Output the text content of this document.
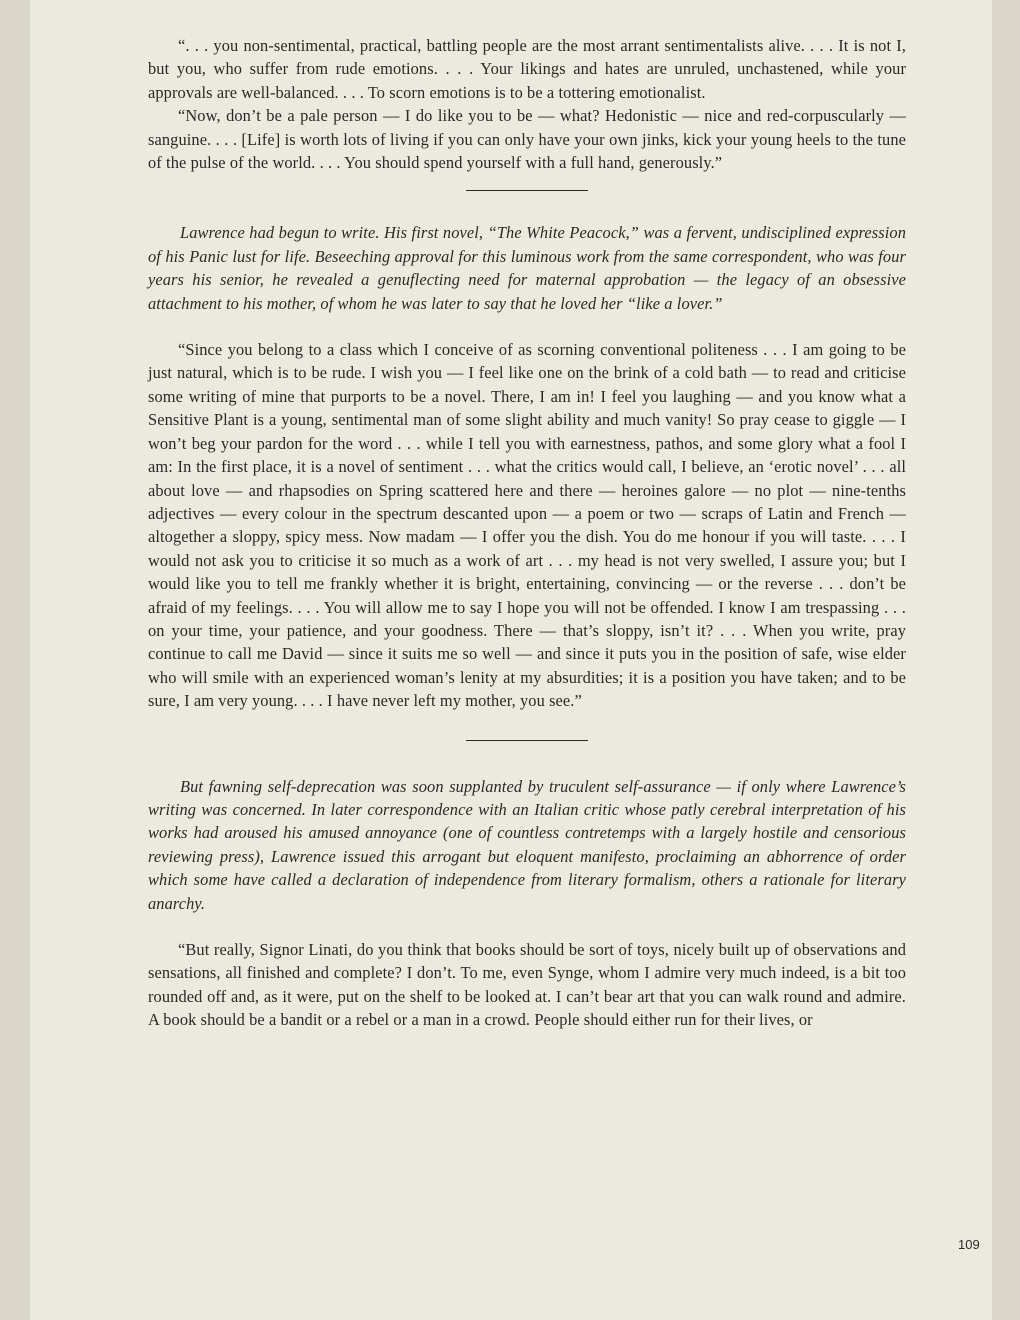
“. . . you non-sentimental, practical, battling people are the most arrant sentimentalists alive. . . . It is not I, but you, who suffer from rude emotions. . . . Your likings and hates are unruled, unchastened, while your approvals are well-balanced. . . . To scorn emotions is to be a tottering emotionalist.

“Now, don’t be a pale person — I do like you to be — what? Hedonistic — nice and red-corpuscularly — sanguine. . . . [Life] is worth lots of living if you can only have your own jinks, kick your young heels to the tune of the pulse of the world. . . . You should spend yourself with a full hand, generously.”

Lawrence had begun to write. His first novel, “The White Peacock,” was a fervent, undisciplined expression of his Panic lust for life. Beseeching approval for this luminous work from the same correspondent, who was four years his senior, he revealed a genuflecting need for maternal approbation — the legacy of an obsessive attachment to his mother, of whom he was later to say that he loved her “like a lover.”

“Since you belong to a class which I conceive of as scorning conventional politeness . . . I am going to be just natural, which is to be rude. I wish you — I feel like one on the brink of a cold bath — to read and criticise some writing of mine that purports to be a novel. There, I am in! I feel you laughing — and you know what a Sensitive Plant is a young, sentimental man of some slight ability and much vanity! So pray cease to giggle — I won’t beg your pardon for the word . . . while I tell you with earnestness, pathos, and some glory what a fool I am: In the first place, it is a novel of sentiment . . . what the critics would call, I believe, an ‘erotic novel’ . . . all about love — and rhapsodies on Spring scattered here and there — heroines galore — no plot — nine-tenths adjectives — every colour in the spectrum descanted upon — a poem or two — scraps of Latin and French — altogether a sloppy, spicy mess. Now madam — I offer you the dish. You do me honour if you will taste. . . . I would not ask you to criticise it so much as a work of art . . . my head is not very swelled, I assure you; but I would like you to tell me frankly whether it is bright, entertaining, convincing — or the reverse . . . don’t be afraid of my feelings. . . . You will allow me to say I hope you will not be offended. I know I am trespassing . . . on your time, your patience, and your goodness. There — that’s sloppy, isn’t it? . . . When you write, pray continue to call me David — since it suits me so well — and since it puts you in the position of safe, wise elder who will smile with an experienced woman’s lenity at my absurdities; it is a position you have taken; and to be sure, I am very young. . . . I have never left my mother, you see.”

But fawning self-deprecation was soon supplanted by truculent self-assurance — if only where Lawrence’s writing was concerned. In later correspondence with an Italian critic whose patly cerebral interpretation of his works had aroused his amused annoyance (one of countless contretemps with a largely hostile and censorious reviewing press), Lawrence issued this arrogant but eloquent manifesto, proclaiming an abhorrence of order which some have called a declaration of independence from literary formalism, others a rationale for literary anarchy.

“But really, Signor Linati, do you think that books should be sort of toys, nicely built up of observations and sensations, all finished and complete? I don’t. To me, even Synge, whom I admire very much indeed, is a bit too rounded off and, as it were, put on the shelf to be looked at. I can’t bear art that you can walk round and admire. A book should be a bandit or a rebel or a man in a crowd. People should either run for their lives, or

109
